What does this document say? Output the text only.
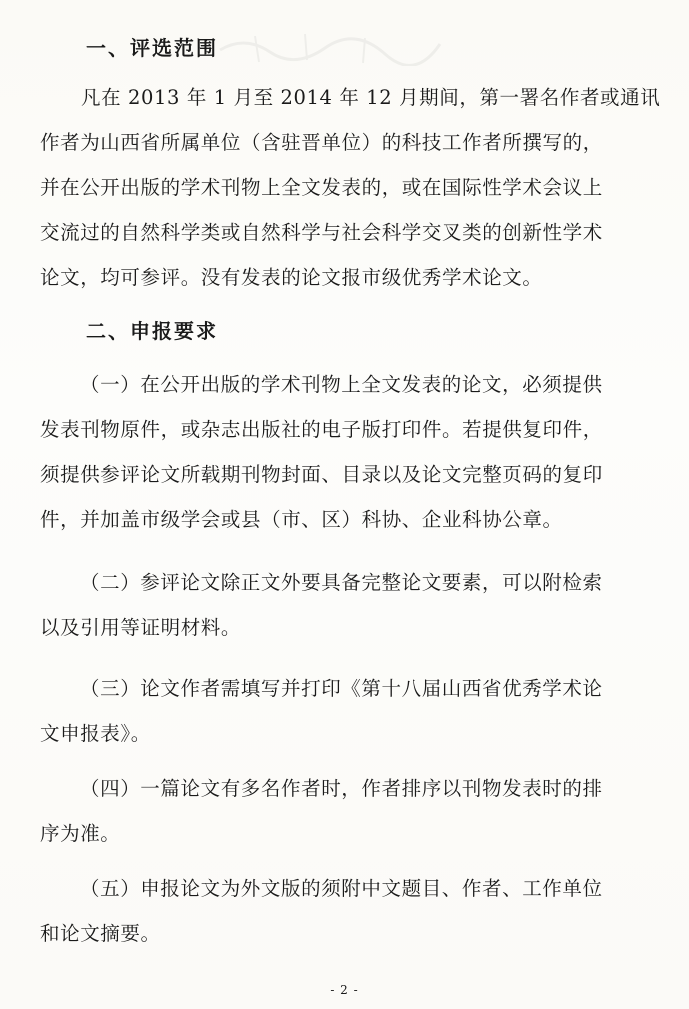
一、评选范围
凡在 2013 年 1 月至 2014 年 12 月期间，第一署名作者或通讯
作者为山西省所属单位（含驻晋单位）的科技工作者所撰写的，
并在公开出版的学术刊物上全文发表的，或在国际性学术会议上
交流过的自然科学类或自然科学与社会科学交叉类的创新性学术
论文，均可参评。没有发表的论文报市级优秀学术论文。
二、申报要求
（一）在公开出版的学术刊物上全文发表的论文，必须提供
发表刊物原件，或杂志出版社的电子版打印件。若提供复印件，
须提供参评论文所载期刊物封面、目录以及论文完整页码的复印
件，并加盖市级学会或县（市、区）科协、企业科协公章。
（二）参评论文除正文外要具备完整论文要素，可以附检索
以及引用等证明材料。
（三）论文作者需填写并打印《第十八届山西省优秀学术论
文申报表》。
（四）一篇论文有多名作者时，作者排序以刊物发表时的排
序为准。
（五）申报论文为外文版的须附中文题目、作者、工作单位
和论文摘要。
- 2 -
